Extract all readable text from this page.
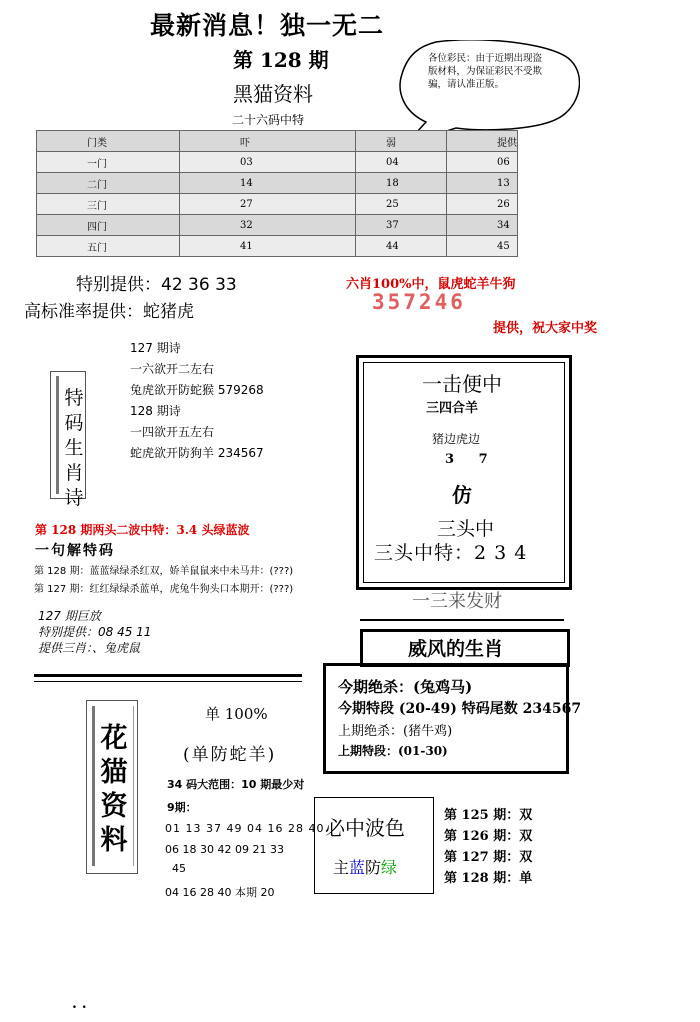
最新消息！独一无二
第 128 期
黑猫资料
二十六码中特
各位彩民：由于近期出现盗版材料，为保证彩民不受欺骗，请认准正版。
门类	吓	弱	提供
一门	03	04	06
二门	14	18	13
三门	27	25	26
四门	32	37	34
五门	41	44	45
特别提供：42 36 33
高标准率提供：蛇猪虎
六肖100%中，鼠虎蛇羊牛狗
357246
提供，祝大家中奖
特码生肖诗
127 期诗
一六欲开二左右
兔虎欲开防蛇猴 579268
128 期诗
一四欲开五左右
蛇虎欲开防狗羊 234567
一击便中
三四合羊
猪边虎边
3 7
仿
三头中
三头中特：2 3 4
一三来发财
威风的生肖
第 128 期两头二波中特：3.4 头绿蓝波
一句解特码
第 128 期：蓝蓝绿绿杀红双，娇羊鼠鼠来中未马井：(???)
第 127 期：红红绿绿杀蓝单，虎兔牛狗头口本期开：(???)
127 期巨放
特别提供：08 45 11
提供三肖：、兔虎鼠
今期绝杀：(兔鸡马)
今期特段 (20-49) 特码尾数 234567
上期绝杀：(猪牛鸡)
上期特段：(01-30)
花猫资料
单 100%
(单防蛇羊)
34 码大范围：10 期最少对
9期：
01 13 37 49 04 16 28 40
06 18 30 42 09 21 33
45
04 16 28 40 本期 20
必中波色
主蓝防绿
第 125 期：双
第 126 期：双
第 127 期：双
第 128 期：单
. .
